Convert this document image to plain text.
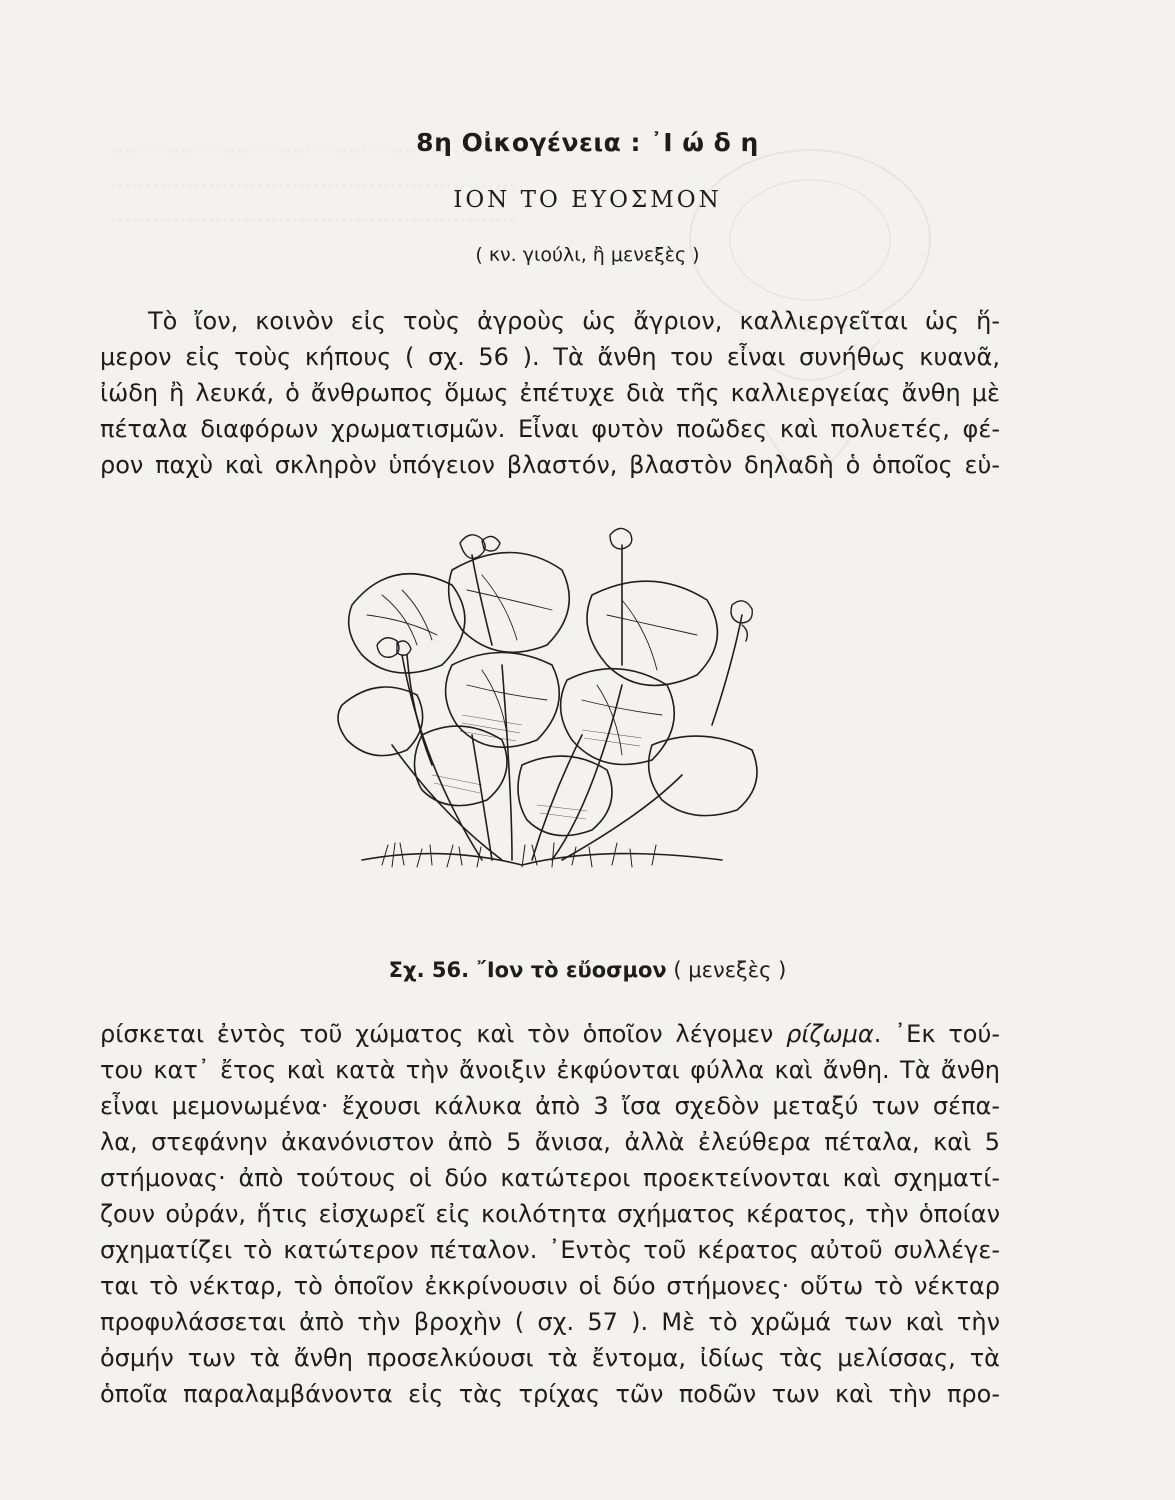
8η Οἰκογένεια : ᾿Ι ώ δ η
ΙΟΝ ΤΟ ΕΥΟΣΜΟΝ
( κν. γιούλι, ἢ μενεξὲς )
Τὸ ἴον, κοινὸν εἰς τοὺς ἀγροὺς ὡς ἄγριον, καλλιεργεῖται ὡς ἥ-
μερον εἰς τοὺς κήπους ( σχ. 56 ). Τὰ ἄνθη του εἶναι συνήθως κυανᾶ,
ἰώδη ἢ λευκά, ὁ ἄνθρωπος ὅμως ἐπέτυχε διὰ τῆς καλλιεργείας ἄνθη μὲ
πέταλα διαφόρων χρωματισμῶν. Εἶναι φυτὸν ποῶδες καὶ πολυετές, φέ-
ρον παχὺ καὶ σκληρὸν ὑπόγειον βλαστόν, βλαστὸν δηλαδὴ ὁ ὁποῖος εὑ-
Σχ. 56. ῎Ιον τὸ εὔοσμον ( μενεξὲς )
ρίσκεται ἐντὸς τοῦ χώματος καὶ τὸν ὁποῖον λέγομεν ρίζωμα. ᾿Εκ τού-
του κατ᾿ ἔτος καὶ κατὰ τὴν ἄνοιξιν ἐκφύονται φύλλα καὶ ἄνθη. Τὰ ἄνθη
εἶναι μεμονωμένα· ἔχουσι κάλυκα ἀπὸ 3 ἴσα σχεδὸν μεταξύ των σέπα-
λα, στεφάνην ἀκανόνιστον ἀπὸ 5 ἄνισα, ἀλλὰ ἐλεύθερα πέταλα, καὶ 5
στήμονας· ἀπὸ τούτους οἱ δύο κατώτεροι προεκτείνονται καὶ σχηματί-
ζουν οὐράν, ἥτις εἰσχωρεῖ εἰς κοιλότητα σχήματος κέρατος, τὴν ὁποίαν
σχηματίζει τὸ κατώτερον πέταλον. ᾿Εντὸς τοῦ κέρατος αὐτοῦ συλλέγε-
ται τὸ νέκταρ, τὸ ὁποῖον ἐκκρίνουσιν οἱ δύο στήμονες· οὕτω τὸ νέκταρ
προφυλάσσεται ἀπὸ τὴν βροχὴν ( σχ. 57 ). Μὲ τὸ χρῶμά των καὶ τὴν
ὀσμήν των τὰ ἄνθη προσελκύουσι τὰ ἔντομα, ἰδίως τὰς μελίσσας, τὰ
ὁποῖα παραλαμβάνοντα εἰς τὰς τρίχας τῶν ποδῶν των καὶ τὴν προ-
